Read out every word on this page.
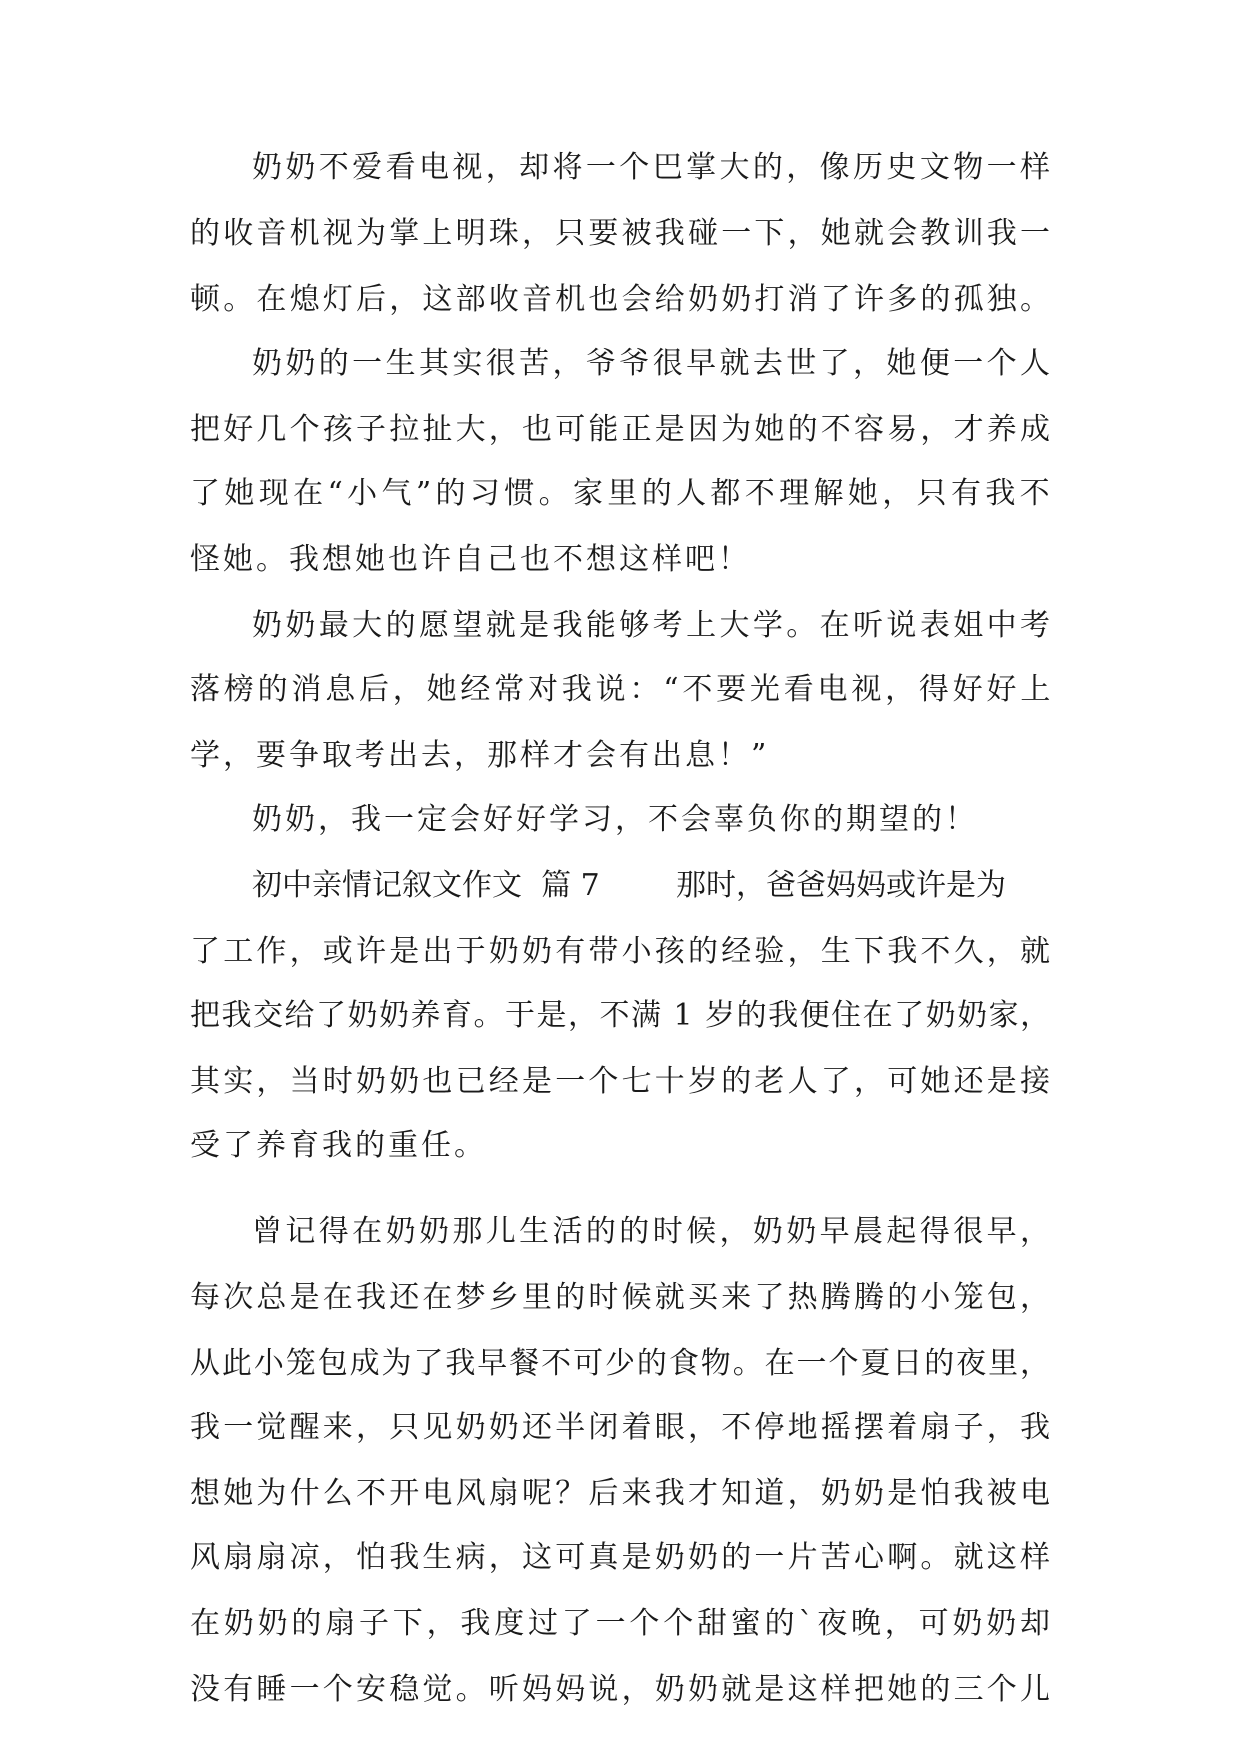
奶奶不爱看电视，却将一个巴掌大的，像历史文物一样
的收音机视为掌上明珠，只要被我碰一下，她就会教训我一
顿。在熄灯后，这部收音机也会给奶奶打消了许多的孤独。
奶奶的一生其实很苦，爷爷很早就去世了，她便一个人
把好几个孩子拉扯大，也可能正是因为她的不容易，才养成
了她现在“小气”的习惯。家里的人都不理解她，只有我不
怪她。我想她也许自己也不想这样吧！
奶奶最大的愿望就是我能够考上大学。在听说表姐中考
落榜的消息后，她经常对我说：“不要光看电视，得好好上
学，要争取考出去，那样才会有出息！”
奶奶，我一定会好好学习，不会辜负你的期望的！
初中亲情记叙文作文  篇 7        那时，爸爸妈妈或许是为
了工作，或许是出于奶奶有带小孩的经验，生下我不久，就
把我交给了奶奶养育。于是，不满 1 岁的我便住在了奶奶家，
其实，当时奶奶也已经是一个七十岁的老人了，可她还是接
受了养育我的重任。
曾记得在奶奶那儿生活的的时候，奶奶早晨起得很早，
每次总是在我还在梦乡里的时候就买来了热腾腾的小笼包，
从此小笼包成为了我早餐不可少的食物。在一个夏日的夜里，
我一觉醒来，只见奶奶还半闭着眼，不停地摇摆着扇子，我
想她为什么不开电风扇呢？后来我才知道，奶奶是怕我被电
风扇扇凉，怕我生病，这可真是奶奶的一片苦心啊。就这样
在奶奶的扇子下，我度过了一个个甜蜜的`夜晚，可奶奶却
没有睡一个安稳觉。听妈妈说，奶奶就是这样把她的三个儿
